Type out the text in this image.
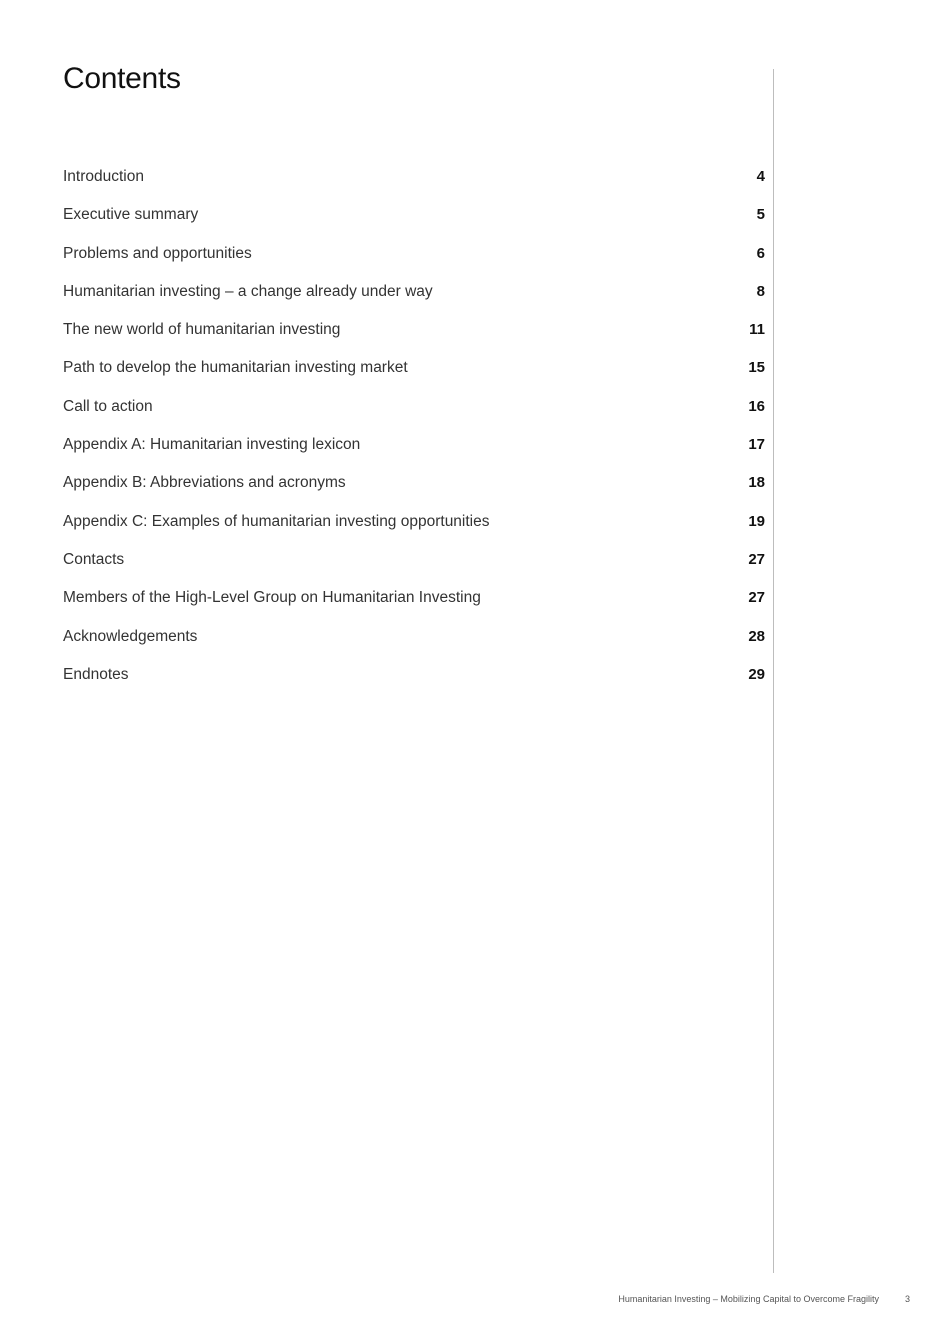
Contents
Introduction	4
Executive summary	5
Problems and opportunities	6
Humanitarian investing – a change already under way	8
The new world of humanitarian investing	11
Path to develop the humanitarian investing market	15
Call to action	16
Appendix A: Humanitarian investing lexicon	17
Appendix B: Abbreviations and acronyms	18
Appendix C: Examples of humanitarian investing opportunities	19
Contacts	27
Members of the High-Level Group on Humanitarian Investing	27
Acknowledgements	28
Endnotes	29
Humanitarian Investing – Mobilizing Capital to Overcome Fragility	3
